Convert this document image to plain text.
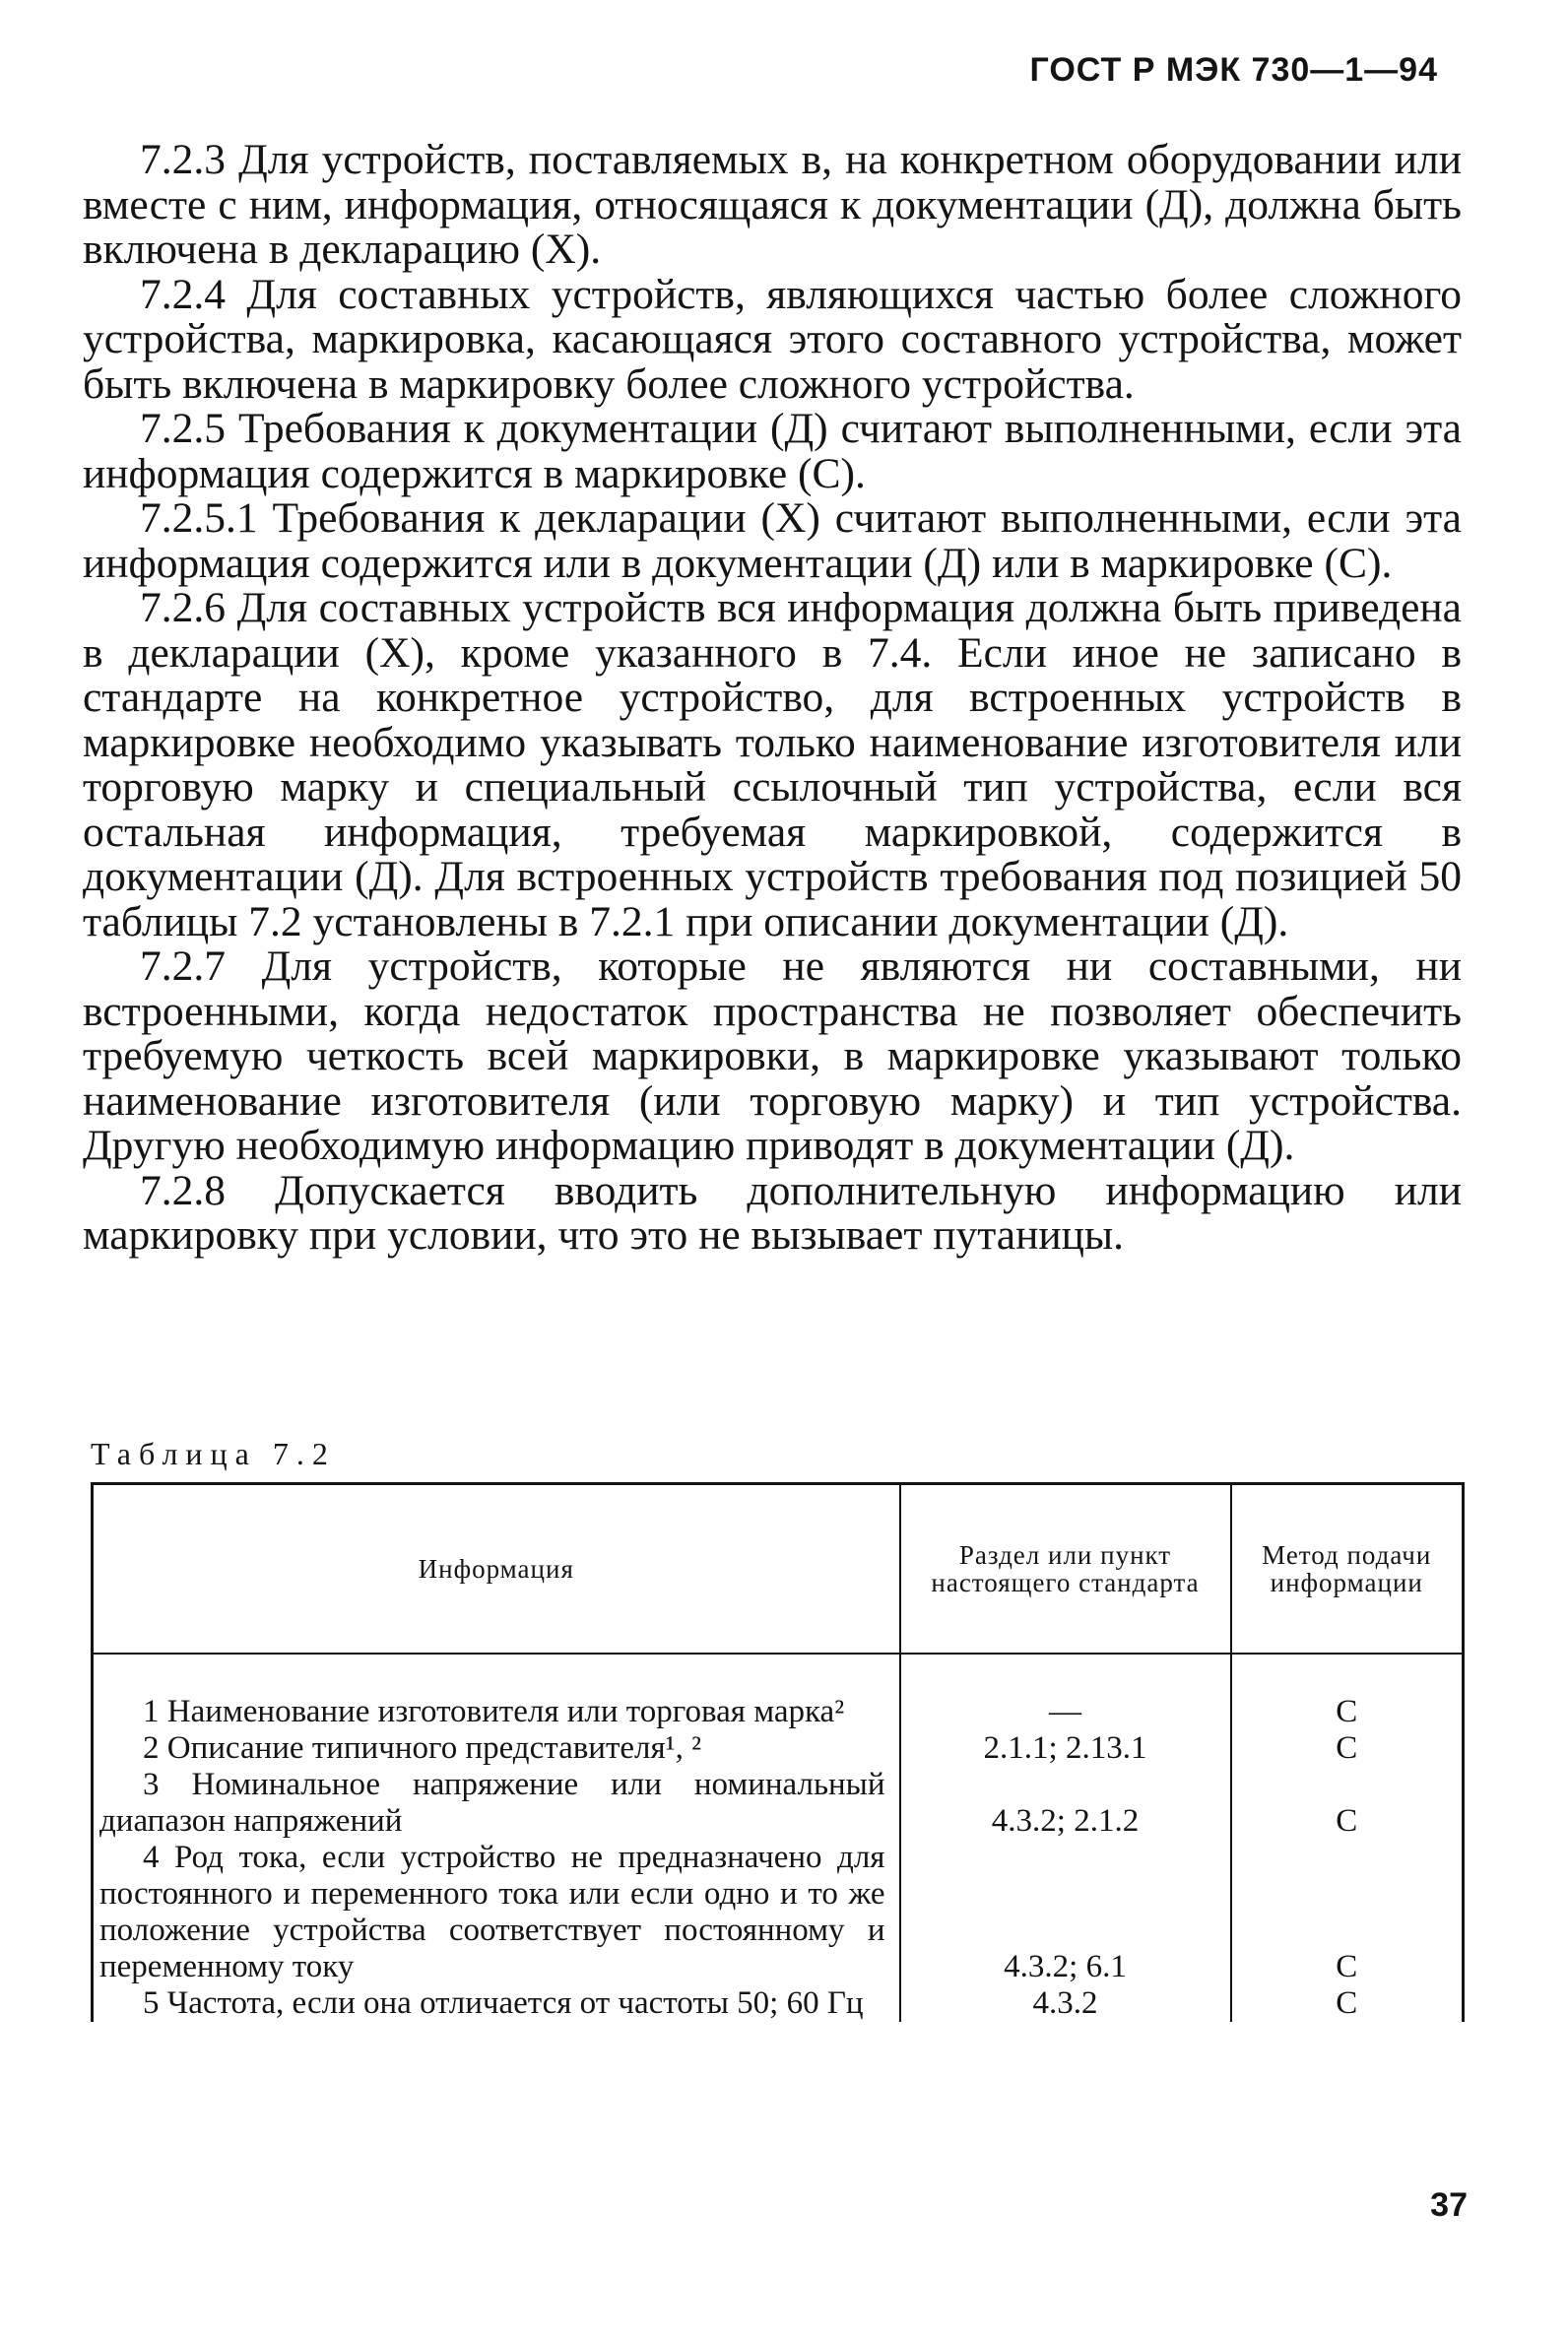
ГОСТ Р МЭК 730—1—94

7.2.3 Для устройств, поставляемых в, на конкретном оборудовании или вместе с ним, информация, относящаяся к документации (Д), должна быть включена в декларацию (X).

7.2.4 Для составных устройств, являющихся частью более сложного устройства, маркировка, касающаяся этого составного устройства, может быть включена в маркировку более сложного устройства.

7.2.5 Требования к документации (Д) считают выполненными, если эта информация содержится в маркировке (С).

7.2.5.1 Требования к декларации (X) считают выполненными, если эта информация содержится или в документации (Д) или в маркировке (С).

7.2.6 Для составных устройств вся информация должна быть приведена в декларации (X), кроме указанного в 7.4. Если иное не записано в стандарте на конкретное устройство, для встроенных устройств в маркировке необходимо указывать только наименование изготовителя или торговую марку и специальный ссылочный тип устройства, если вся остальная информация, требуемая маркировкой, содержится в документации (Д). Для встроенных устройств требования под позицией 50 таблицы 7.2 установлены в 7.2.1 при описании документации (Д).

7.2.7 Для устройств, которые не являются ни составными, ни встроенными, когда недостаток пространства не позволяет обеспечить требуемую четкость всей маркировки, в маркировке указывают только наименование изготовителя (или торговую марку) и тип устройства. Другую необходимую информацию приводят в документации (Д).

7.2.8 Допускается вводить дополнительную информацию или маркировку при условии, что это не вызывает путаницы.

Таблица 7.2
Информация	Раздел или пункт настоящего стандарта	Метод подачи информации

1 Наименование изготовителя или торговая марка²	—	С

2 Описание типичного представителя¹, ²	2.1.1; 2.13.1	С

3 Номинальное напряжение или номинальный диапазон напряжений	4.3.2; 2.1.2	С

4 Род тока, если устройство не предназначено для постоянного и переменного тока или если одно и то же положение устройства соответствует постоянному и переменному току	4.3.2; 6.1	С

5 Частота, если она отличается от частоты 50; 60 Гц	4.3.2	С
37
